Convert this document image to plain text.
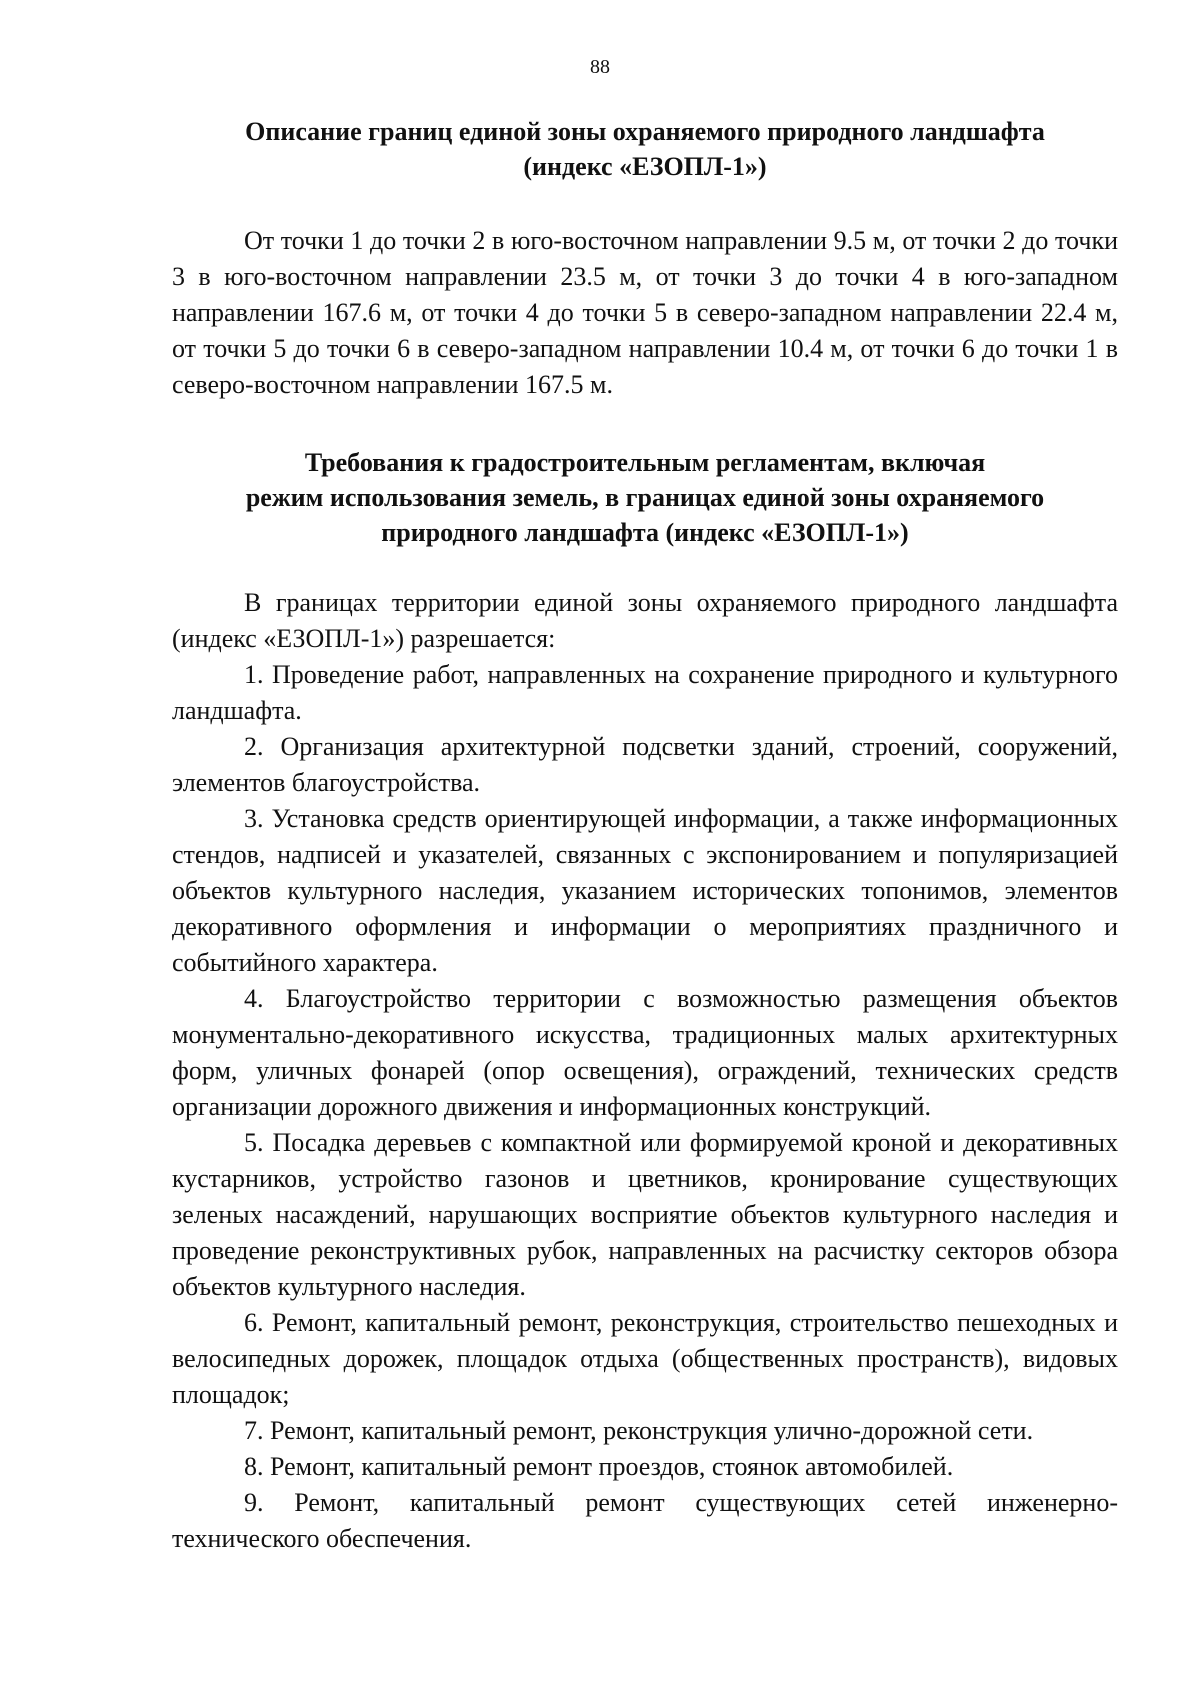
88
Описание границ единой зоны охраняемого природного ландшафта
(индекс «ЕЗОПЛ-1»)

От точки 1 до точки 2 в юго-восточном направлении 9.5 м, от точки 2 до точки 3 в юго-восточном направлении 23.5 м, от точки 3 до точки 4 в юго-западном направлении 167.6 м, от точки 4 до точки 5 в северо-западном направлении 22.4 м, от точки 5 до точки 6 в северо-западном направлении 10.4 м, от точки 6 до точки 1 в северо-восточном направлении 167.5 м.

Требования к градостроительным регламентам, включая
режим использования земель, в границах единой зоны охраняемого
природного ландшафта (индекс «ЕЗОПЛ-1»)

В границах территории единой зоны охраняемого природного ландшафта (индекс «ЕЗОПЛ-1») разрешается:

1. Проведение работ, направленных на сохранение природного и культурного ландшафта.

2. Организация архитектурной подсветки зданий, строений, сооружений, элементов благоустройства.

3. Установка средств ориентирующей информации, а также информационных стендов, надписей и указателей, связанных с экспонированием и популяризацией объектов культурного наследия, указанием исторических топонимов, элементов декоративного оформления и информации о мероприятиях праздничного и событийного характера.

4. Благоустройство территории с возможностью размещения объектов монументально-декоративного искусства, традиционных малых архитектурных форм, уличных фонарей (опор освещения), ограждений, технических средств организации дорожного движения и информационных конструкций.

5. Посадка деревьев с компактной или формируемой кроной и декоративных кустарников, устройство газонов и цветников, кронирование существующих зеленых насаждений, нарушающих восприятие объектов культурного наследия и проведение реконструктивных рубок, направленных на расчистку секторов обзора объектов культурного наследия.

6. Ремонт, капитальный ремонт, реконструкция, строительство пешеходных и велосипедных дорожек, площадок отдыха (общественных пространств), видовых площадок;

7. Ремонт, капитальный ремонт, реконструкция улично-дорожной сети.

8. Ремонт, капитальный ремонт проездов, стоянок автомобилей.

9. Ремонт, капитальный ремонт существующих сетей инженерно-технического обеспечения.
